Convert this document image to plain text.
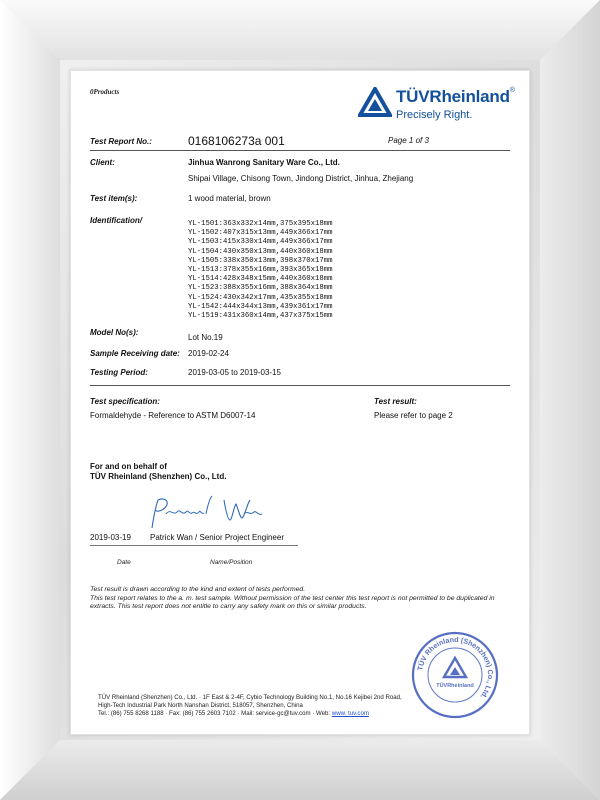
0Products	TÜVRheinland®
Precisely Right.
Test Report No.:	0168106273a 001	Page 1 of 3
Client:	Jinhua Wanrong Sanitary Ware Co., Ltd.
Shipai Village, Chisong Town, Jindong District, Jinhua, Zhejiang
Test item(s):	1 wood material, brown
Identification/	YL-1501:363x332x14mm,375x395x18mm
YL-1502:407x315x13mm,449x366x17mm
YL-1503:415x330x14mm,449x366x17mm
YL-1504:430x350x13mm,440x360x18mm
YL-1505:338x350x13mm,398x370x17mm
YL-1513:378x355x16mm,393x365x18mm
YL-1514:428x348x15mm,440x360x18mm
YL-1523:388x355x16mm,388x364x18mm
YL-1524:430x342x17mm,435x355x18mm
YL-1542:444x344x13mm,439x361x17mm
YL-1519:431x360x14mm,437x375x15mm
Model No(s):
Lot No.19
Sample Receiving date: 2019-02-24
Testing Period:	2019-03-05 to 2019-03-15
Test specification:
Formaldehyde - Reference to ASTM D6007-14
Test result:
Please refer to page 2
For and on behalf of
TÜV Rheinland (Shenzhen) Co., Ltd.
2019-03-19 Patrick Wan / Senior Project Engineer
Date	Name/Position
Test result is drawn according to the kind and extent of tests performed.
This test report relates to the a. m. test sample. Without permission of the test center this test report is not permitted to be duplicated in extracts. This test report does not entitle to carry any safety mark on this or similar products.
TÜV Rheinland (Shenzhen) Co., Ltd.
TÜVRheinland
TÜV Rheinland (Shenzhen) Co., Ltd. · 1F East & 2-4F, Cybio Technology Building No.1, No.16 Kejibei 2nd Road,
High-Tech Industrial Park North Nanshan District, 518057, Shenzhen, China
Tel.: (86) 755 8268 1188 · Fax: (86) 755 2603 7102 · Mail: service-gc@tuv.com · Web: www. tuv.com
